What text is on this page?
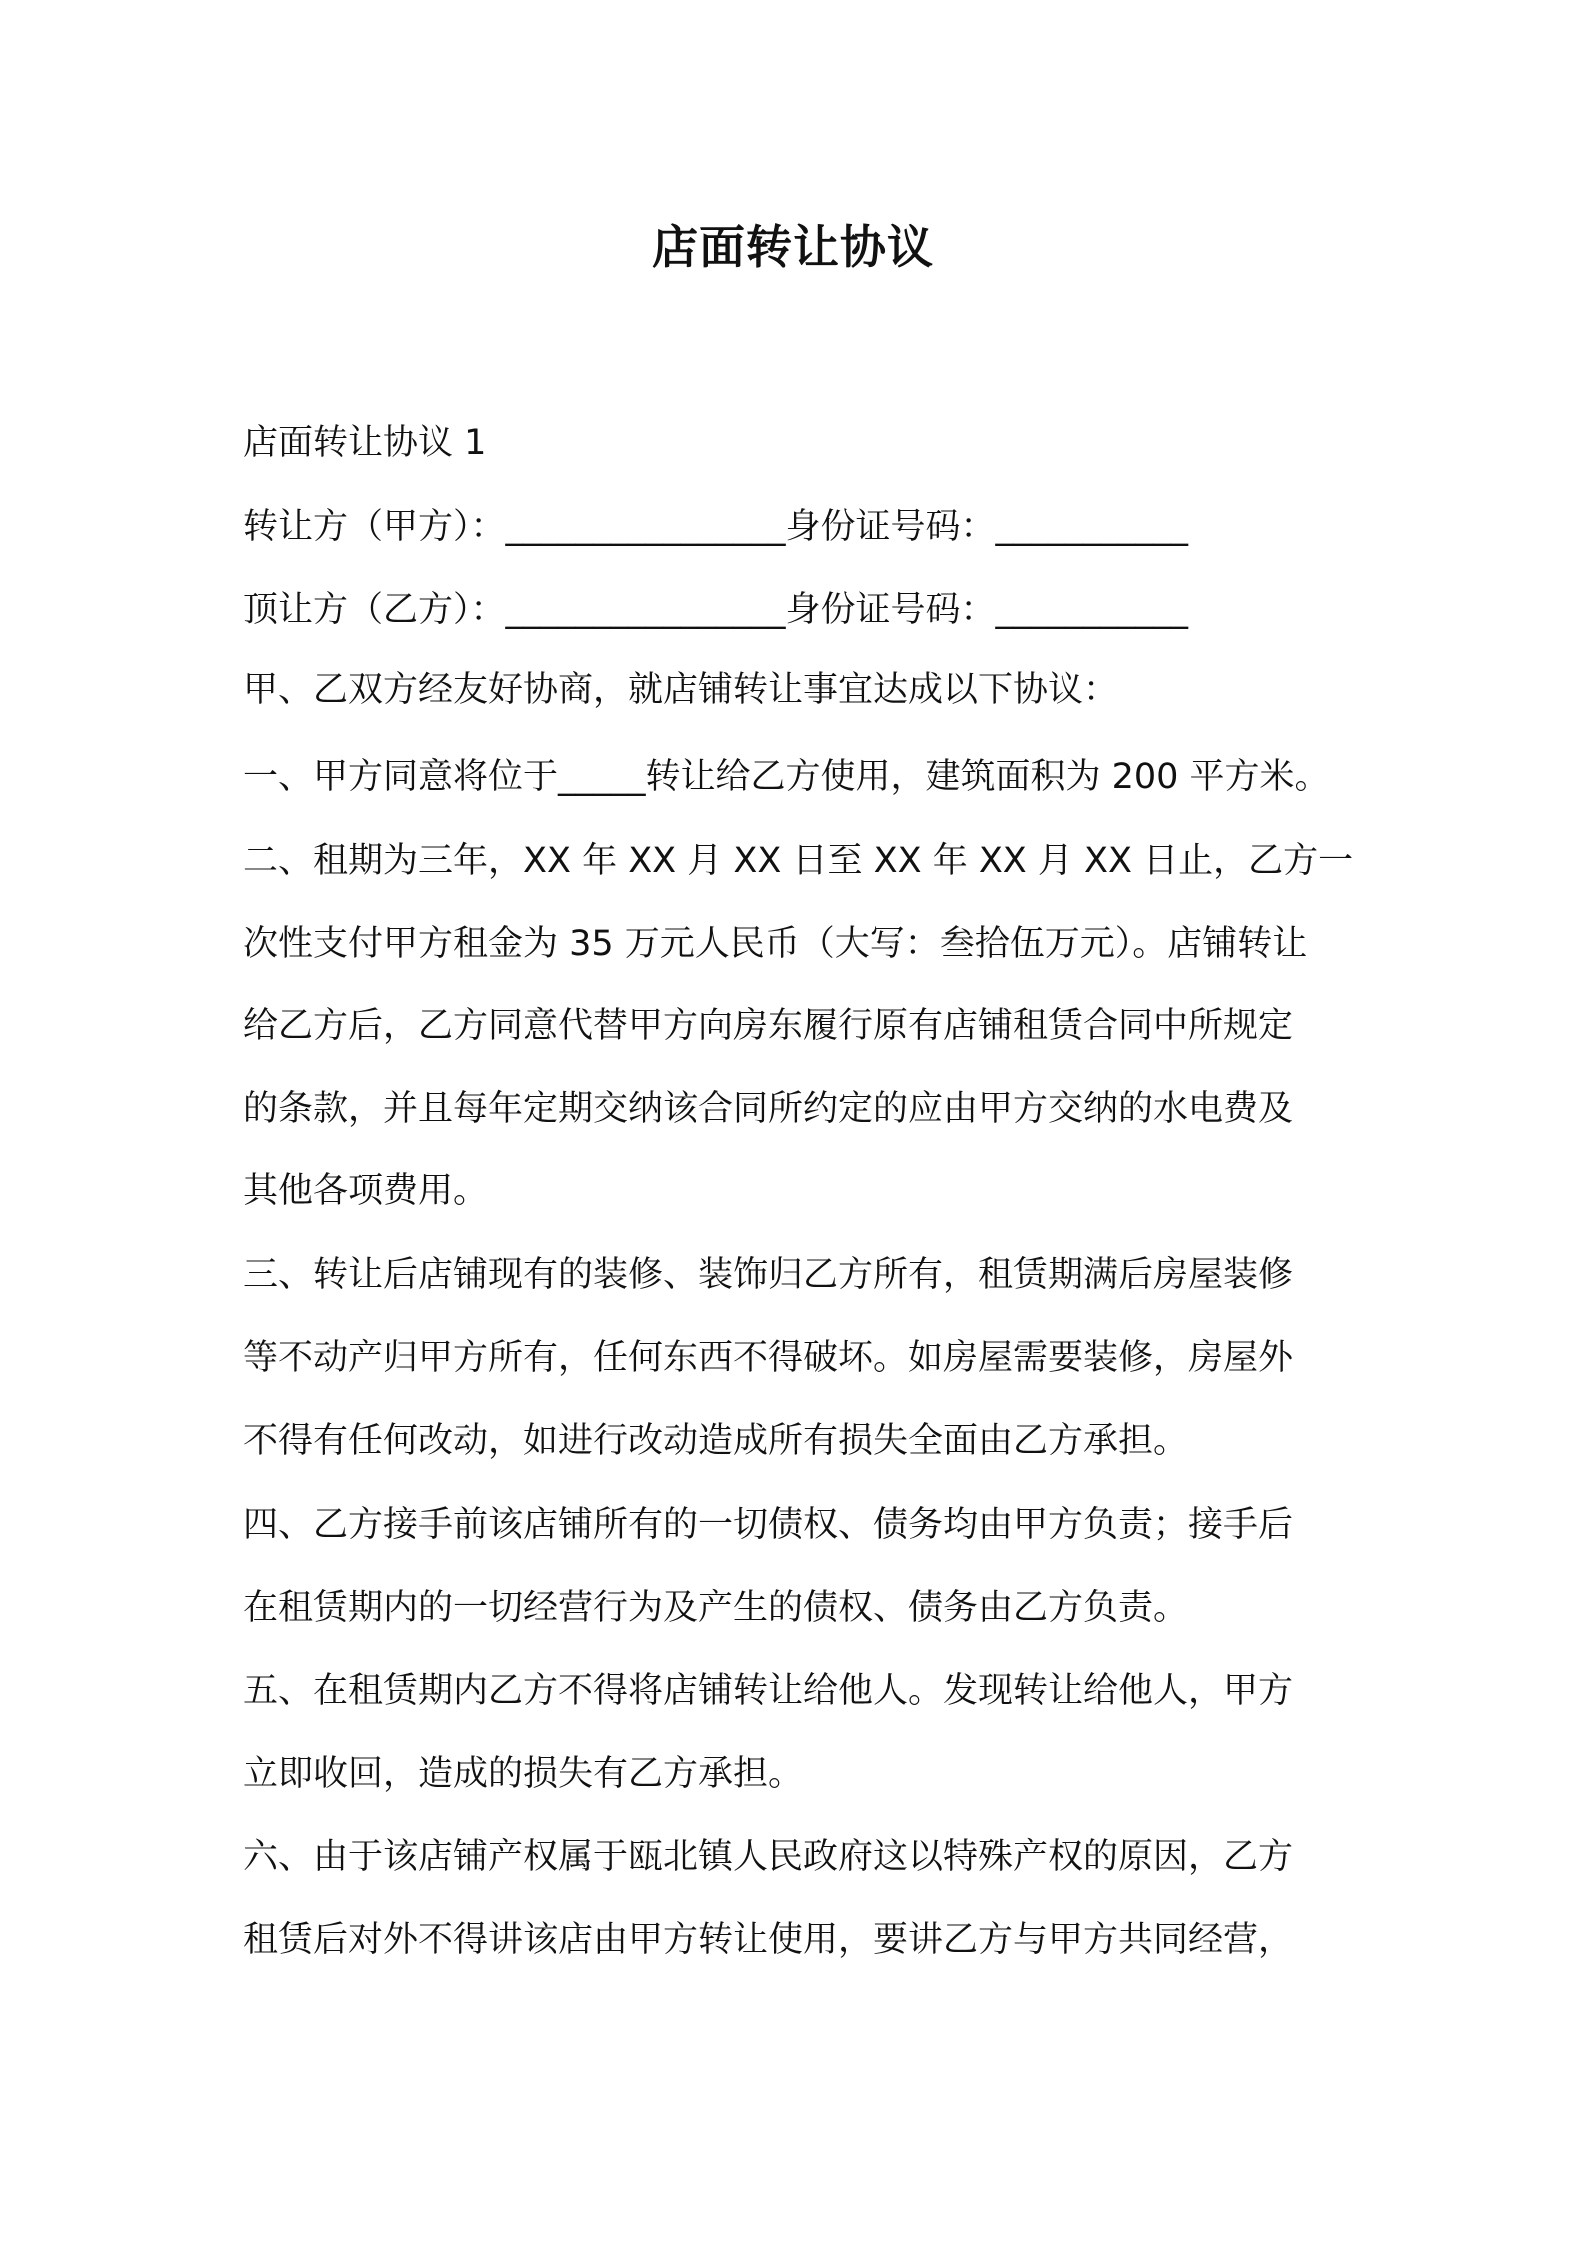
店面转让协议

店面转让协议 1

转让方（甲方）：________________身份证号码：___________

顶让方（乙方）：________________身份证号码：___________

甲、乙双方经友好协商，就店铺转让事宜达成以下协议：

一、甲方同意将位于_____转让给乙方使用，建筑面积为 200 平方米。

二、租期为三年，XX 年 XX 月 XX 日至 XX 年 XX 月 XX 日止，乙方一

次性支付甲方租金为 35 万元人民币（大写：叁拾伍万元）。店铺转让

给乙方后，乙方同意代替甲方向房东履行原有店铺租赁合同中所规定

的条款，并且每年定期交纳该合同所约定的应由甲方交纳的水电费及

其他各项费用。

三、转让后店铺现有的装修、装饰归乙方所有，租赁期满后房屋装修

等不动产归甲方所有，任何东西不得破坏。如房屋需要装修，房屋外

不得有任何改动，如进行改动造成所有损失全面由乙方承担。

四、乙方接手前该店铺所有的一切债权、债务均由甲方负责；接手后

在租赁期内的一切经营行为及产生的债权、债务由乙方负责。

五、在租赁期内乙方不得将店铺转让给他人。发现转让给他人，甲方

立即收回，造成的损失有乙方承担。

六、由于该店铺产权属于瓯北镇人民政府这以特殊产权的原因，乙方

租赁后对外不得讲该店由甲方转让使用，要讲乙方与甲方共同经营，
